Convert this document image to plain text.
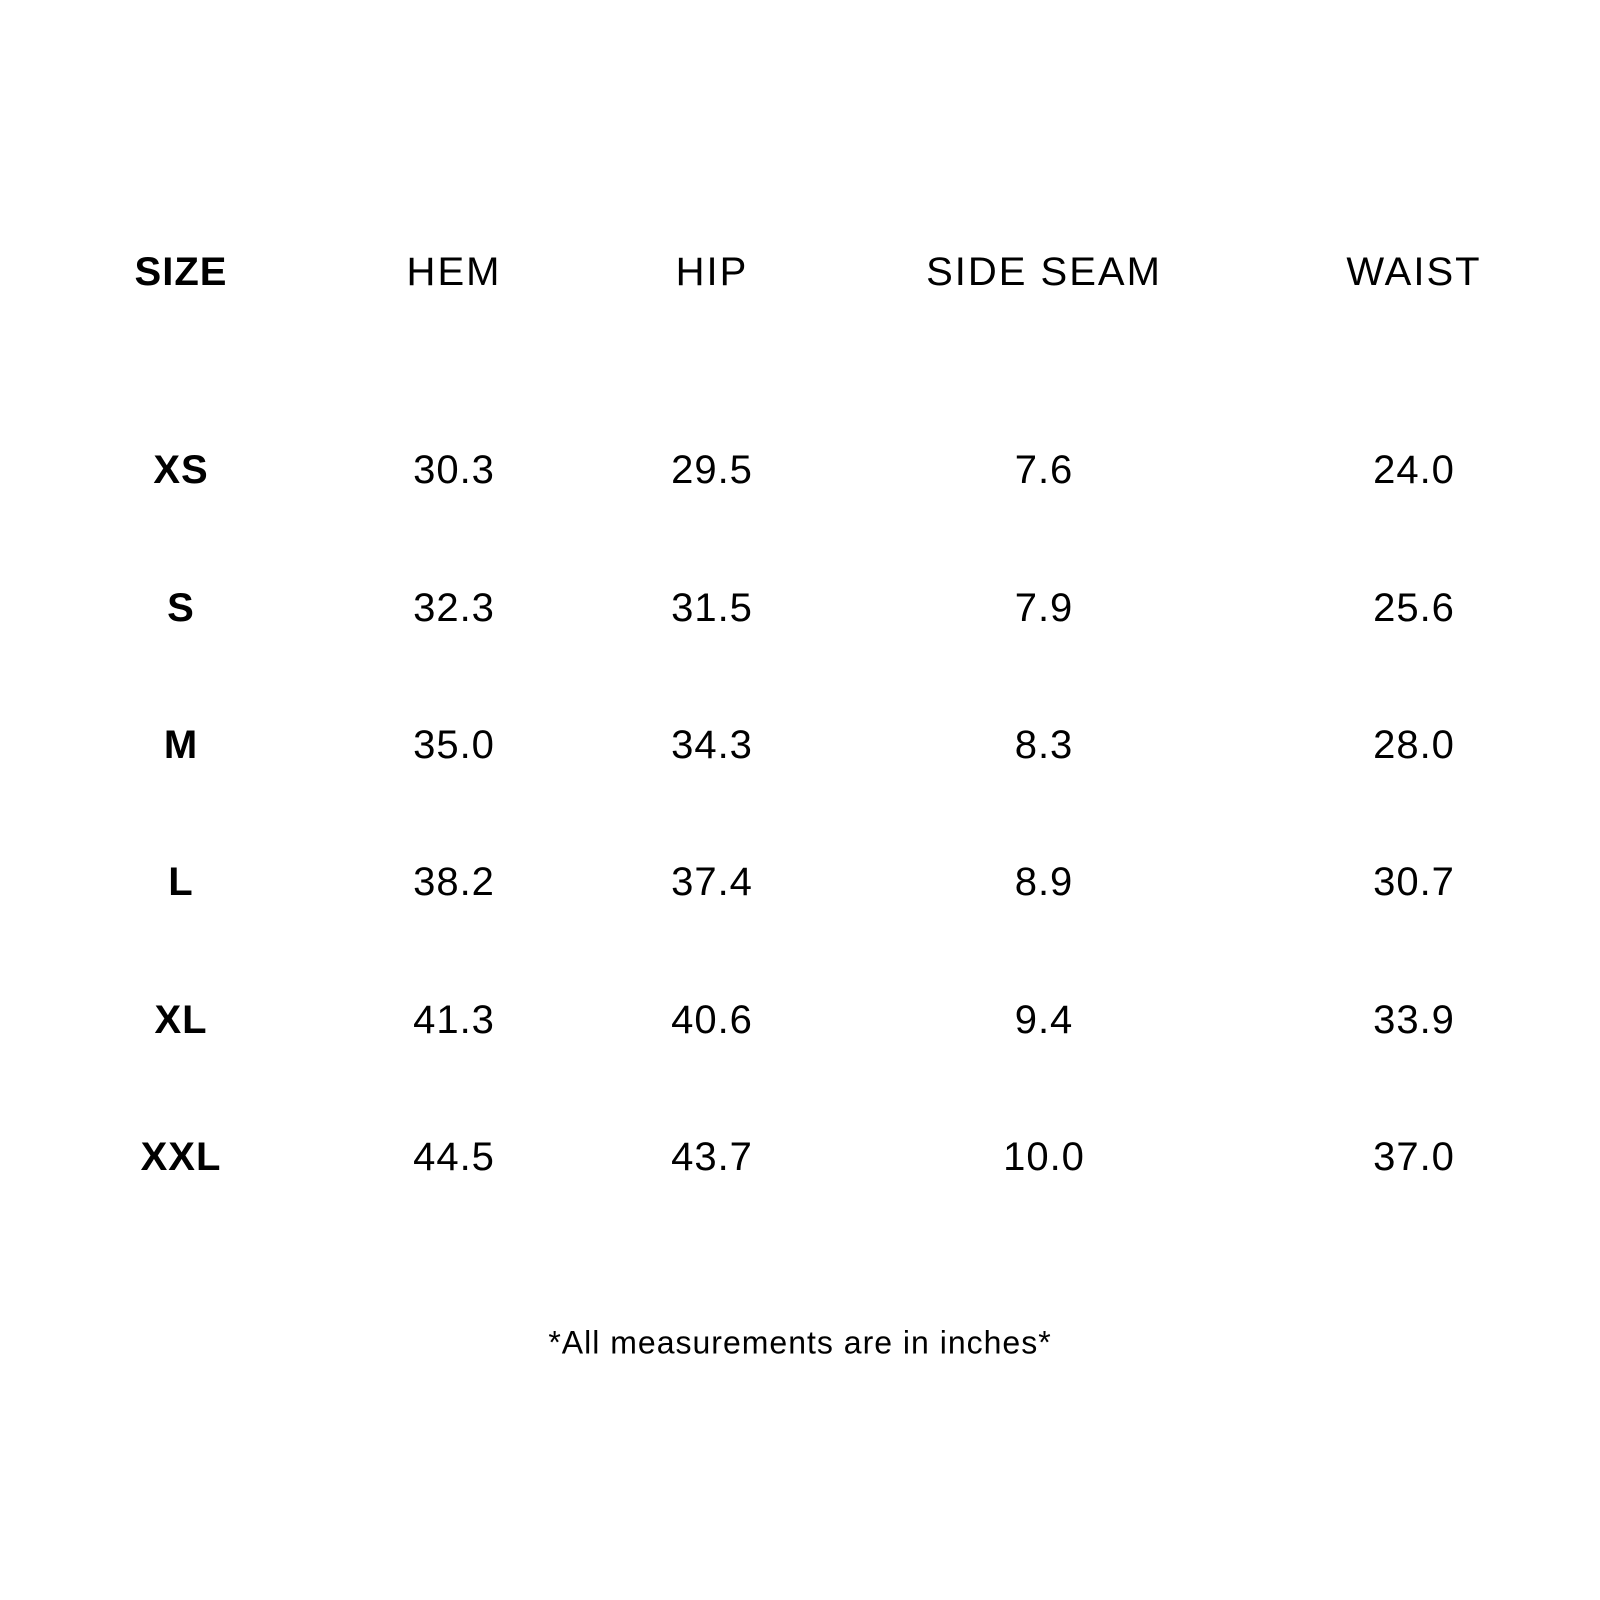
SIZE	HEM	HIP	SIDE SEAM	WAIST
XS	30.3	29.5	7.6	24.0
S	32.3	31.5	7.9	25.6
M	35.0	34.3	8.3	28.0
L	38.2	37.4	8.9	30.7
XL	41.3	40.6	9.4	33.9
XXL	44.5	43.7	10.0	37.0
*All measurements are in inches*
